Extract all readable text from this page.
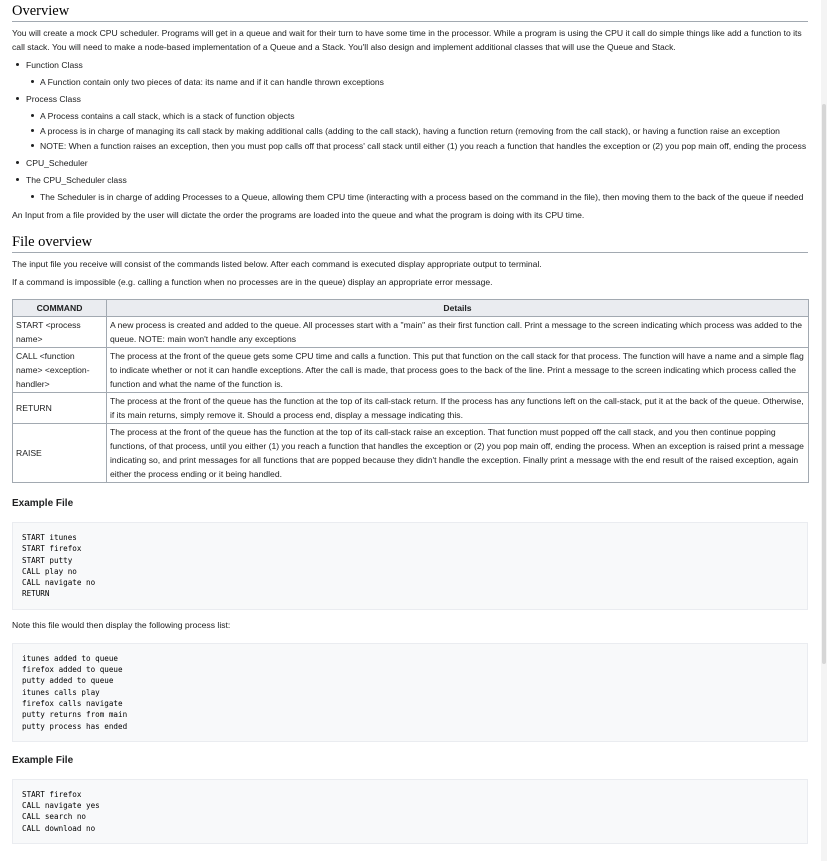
Overview

You will create a mock CPU scheduler. Programs will get in a queue and wait for their turn to have some time in the processor. While a program is using the CPU it call do simple things like add a function to its call stack. You will need to make a node-based implementation of a Queue and a Stack. You'll also design and implement additional classes that will use the Queue and Stack.

Function Class
A Function contain only two pieces of data: its name and if it can handle thrown exceptions
Process Class
A Process contains a call stack, which is a stack of function objects
A process is in charge of managing its call stack by making additional calls (adding to the call stack), having a function return (removing from the call stack), or having a function raise an exception
NOTE: When a function raises an exception, then you must pop calls off that process' call stack until either (1) you reach a function that handles the exception or (2) you pop main off, ending the process
CPU_Scheduler
The CPU_Scheduler class
The Scheduler is in charge of adding Processes to a Queue, allowing them CPU time (interacting with a process based on the command in the file), then moving them to the back of the queue if needed

An Input from a file provided by the user will dictate the order the programs are loaded into the queue and what the program is doing with its CPU time.

File overview

The input file you receive will consist of the commands listed below. After each command is executed display appropriate output to terminal.

If a command is impossible (e.g. calling a function when no processes are in the queue) display an appropriate error message.

COMMAND	Details
START <process name>	A new process is created and added to the queue. All processes start with a "main" as their first function call. Print a message to the screen indicating which process was added to the queue. NOTE: main won't handle any exceptions
CALL <function name> <exception-handler>	The process at the front of the queue gets some CPU time and calls a function. This put that function on the call stack for that process. The function will have a name and a simple flag to indicate whether or not it can handle exceptions. After the call is made, that process goes to the back of the line. Print a message to the screen indicating which process called the function and what the name of the function is.
RETURN	The process at the front of the queue has the function at the top of its call-stack return. If the process has any functions left on the call-stack, put it at the back of the queue. Otherwise, if its main returns, simply remove it. Should a process end, display a message indicating this.
RAISE	The process at the front of the queue has the function at the top of its call-stack raise an exception. That function must popped off the call stack, and you then continue popping functions, of that process, until you either (1) you reach a function that handles the exception or (2) you pop main off, ending the process. When an exception is raised print a message indicating so, and print messages for all functions that are popped because they didn't handle the exception. Finally print a message with the end result of the raised exception, again either the process ending or it being handled.
Example File
START itunes
START firefox
START putty
CALL play no
CALL navigate no
RETURN

Note this file would then display the following process list:

itunes added to queue
firefox added to queue
putty added to queue
itunes calls play
firefox calls navigate
putty returns from main
putty process has ended
Example File
START firefox
CALL navigate yes
CALL search no
CALL download no
